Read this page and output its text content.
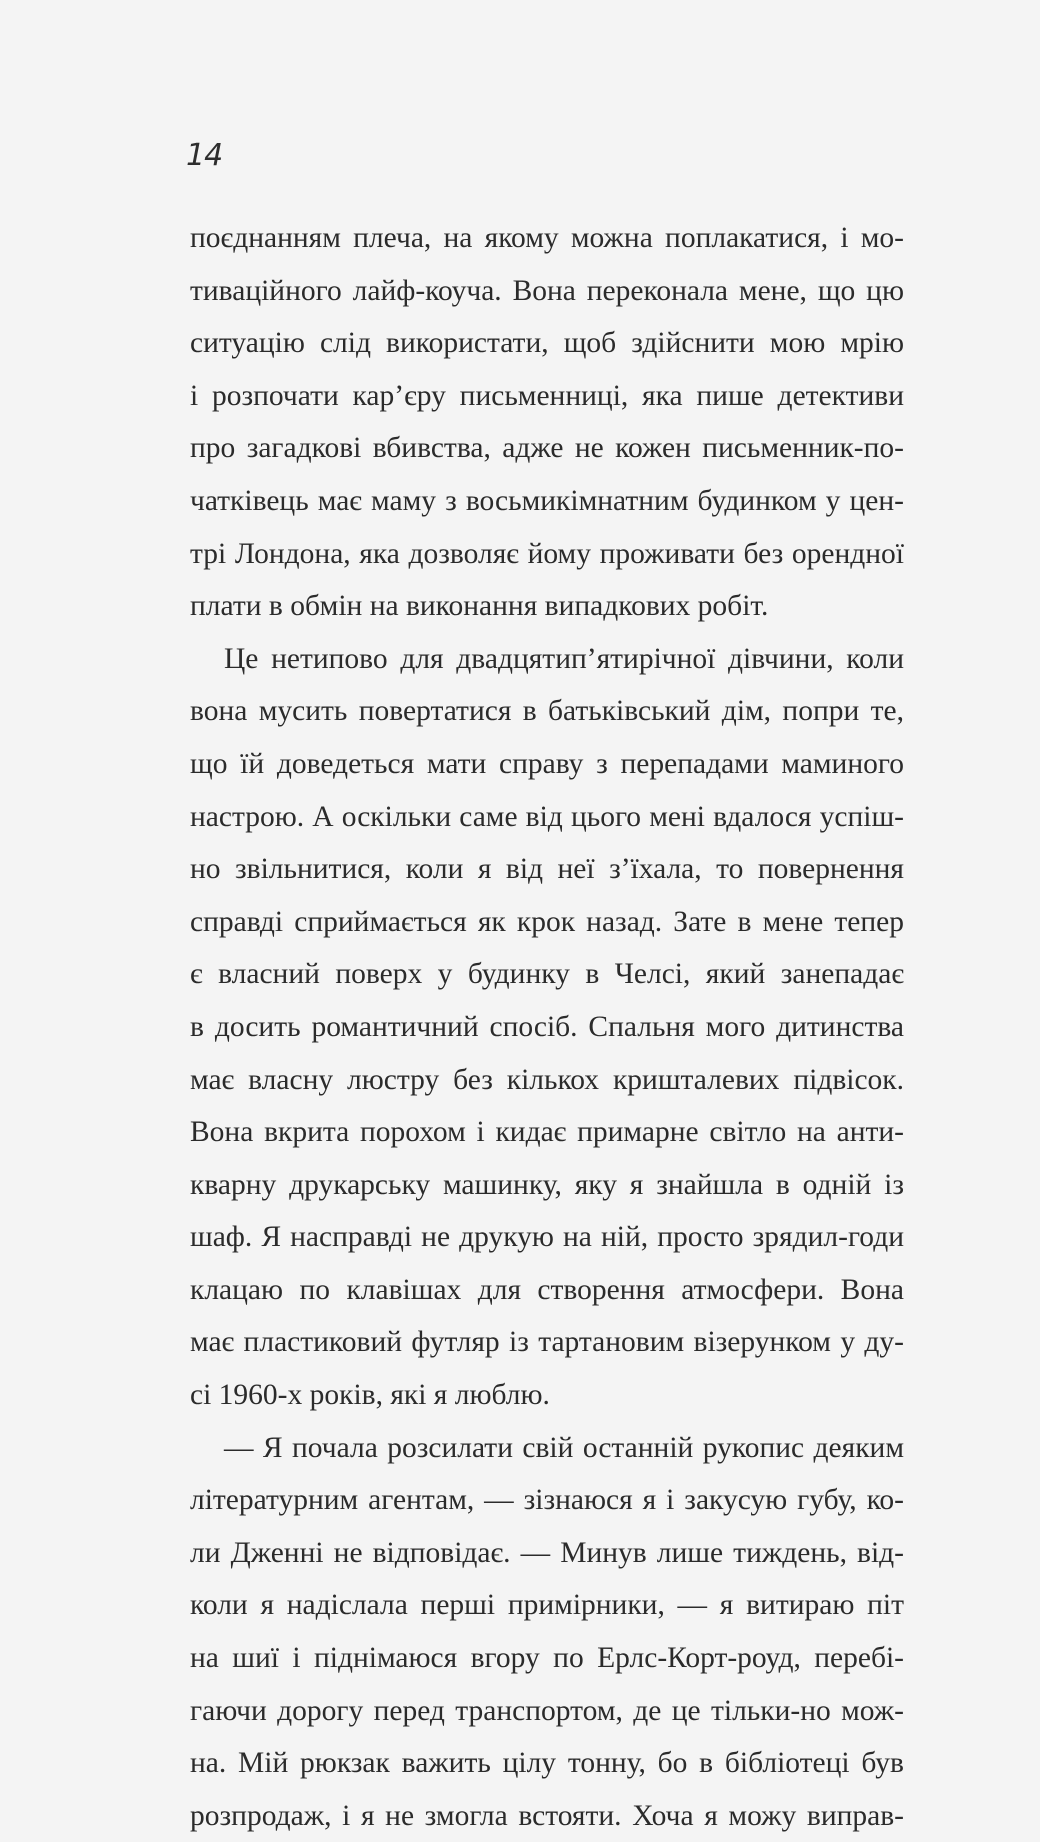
14
поєднанням плеча, на якому можна поплакатися, і мо-
тиваційного лайф-коуча. Вона переконала мене, що цю
ситуацію слід використати, щоб здійснити мою мрію
і розпочати кар’єру письменниці, яка пише детективи
про загадкові вбивства, адже не кожен письменник-по-
чатківець має маму з восьмикімнатним будинком у цен-
трі Лондона, яка дозволяє йому проживати без орендної
плати в обмін на виконання випадкових робіт.
Це нетипово для двадцятип’ятирічної дівчини, коли
вона мусить повертатися в батьківський дім, попри те,
що їй доведеться мати справу з перепадами маминого
настрою. А оскільки саме від цього мені вдалося успіш-
но звільнитися, коли я від неї з’їхала, то повернення
справді сприймається як крок назад. Зате в мене тепер
є власний поверх у будинку в Челсі, який занепадає
в досить романтичний спосіб. Спальня мого дитинства
має власну люстру без кількох кришталевих підвісок.
Вона вкрита порохом і кидає примарне світло на анти-
кварну друкарську машинку, яку я знайшла в одній із
шаф. Я насправді не друкую на ній, просто зрядил-годи
клацаю по клавішах для створення атмосфери. Вона
має пластиковий футляр із тартановим візерунком у ду-
сі 1960-х років, які я люблю.
— Я почала розсилати свій останній рукопис деяким
літературним агентам, — зізнаюся я і закусую губу, ко-
ли Дженні не відповідає. — Минув лише тиждень, від-
коли я надіслала перші примірники, — я витираю піт
на шиї і піднімаюся вгору по Ерлс-Корт-роуд, перебі-
гаючи дорогу перед транспортом, де це тільки-но мож-
на. Мій рюкзак важить цілу тонну, бо в бібліотеці був
розпродаж, і я не змогла встояти. Хоча я можу виправ-
